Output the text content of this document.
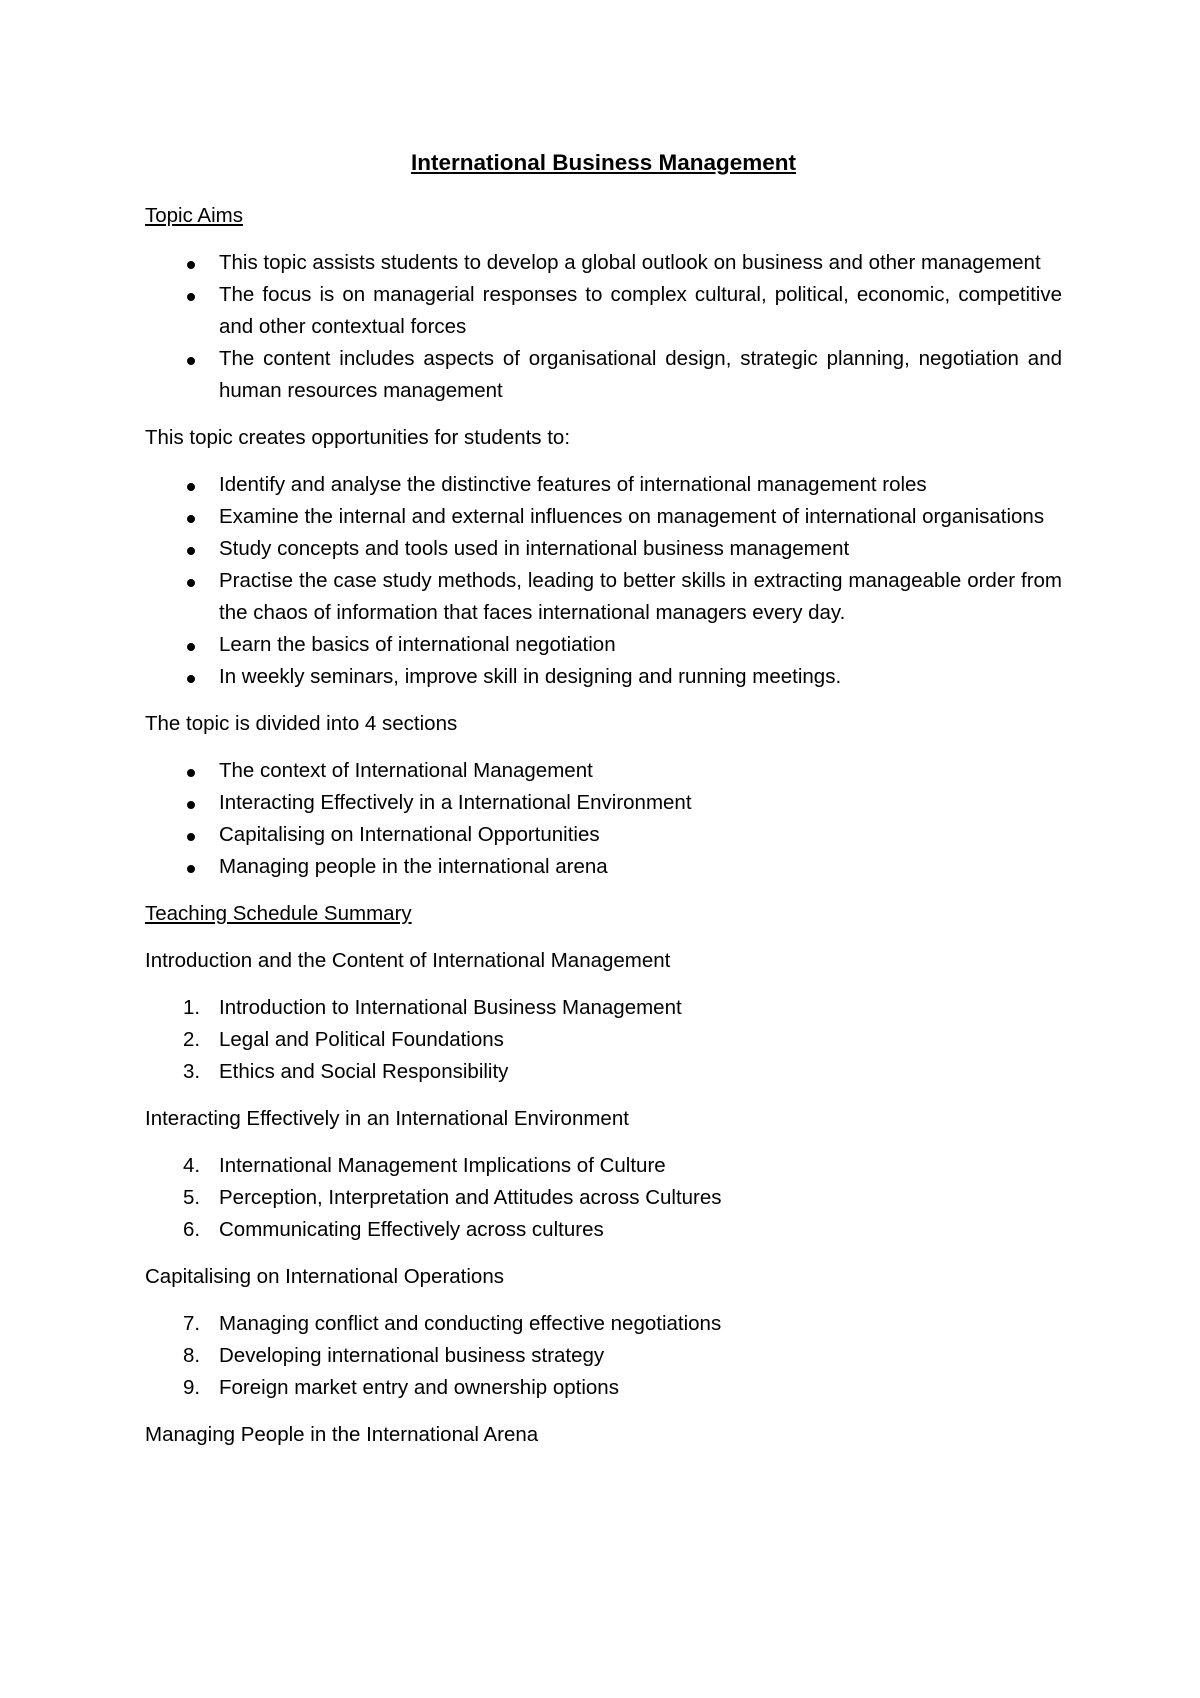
International Business Management

Topic Aims

This topic assists students to develop a global outlook on business and other management
The focus is on managerial responses to complex cultural, political, economic, competitive and other contextual forces
The content includes aspects of organisational design, strategic planning, negotiation and human resources management

This topic creates opportunities for students to:

Identify and analyse the distinctive features of international management roles
Examine the internal and external influences on management of international organisations
Study concepts and tools used in international business management
Practise the case study methods, leading to better skills in extracting manageable order from the chaos of information that faces international managers every day.
Learn the basics of international negotiation
In weekly seminars, improve skill in designing and running meetings.

The topic is divided into 4 sections

The context of International Management
Interacting Effectively in a International Environment
Capitalising on International Opportunities
Managing people in the international arena

Teaching Schedule Summary

Introduction and the Content of International Management

1. Introduction to International Business Management
2. Legal and Political Foundations
3. Ethics and Social Responsibility

Interacting Effectively in an International Environment

4. International Management Implications of Culture
5. Perception, Interpretation and Attitudes across Cultures
6. Communicating Effectively across cultures

Capitalising on International Operations

7. Managing conflict and conducting effective negotiations
8. Developing international business strategy
9. Foreign market entry and ownership options

Managing People in the International Arena
